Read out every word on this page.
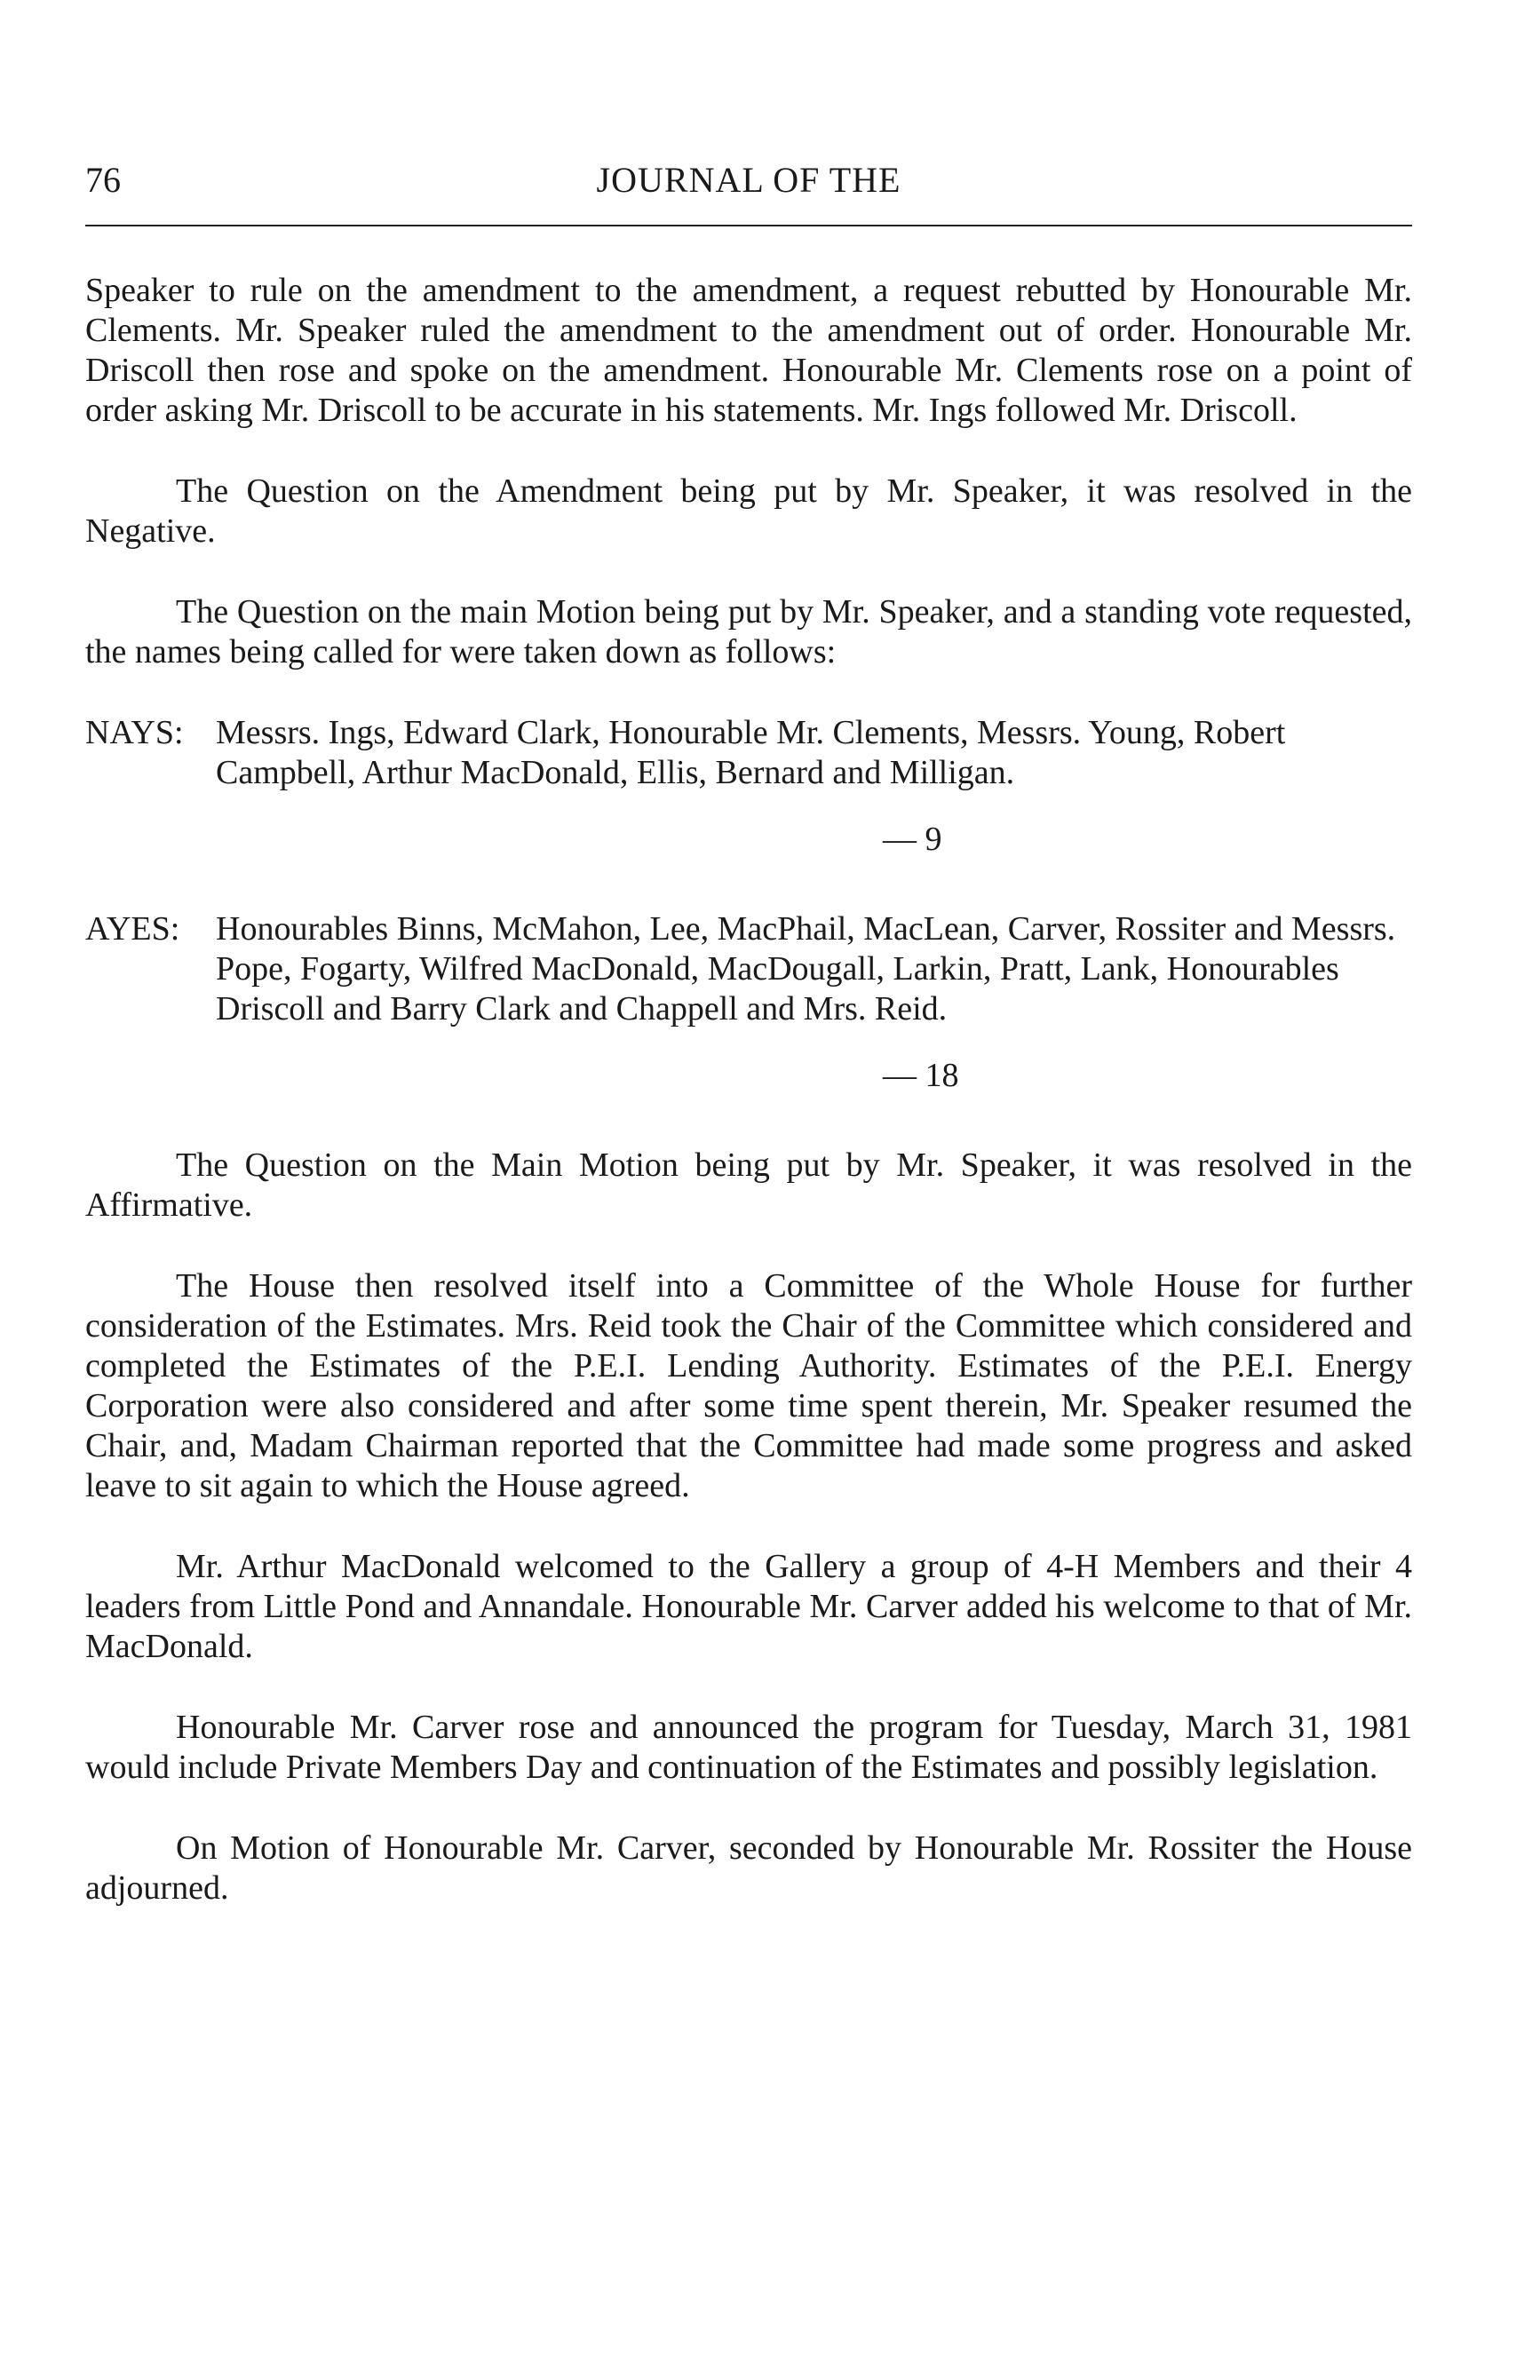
76	JOURNAL OF THE

Speaker to rule on the amendment to the amendment, a request rebutted by Honourable Mr. Clements. Mr. Speaker ruled the amendment to the amendment out of order. Honourable Mr. Driscoll then rose and spoke on the amendment. Honourable Mr. Clements rose on a point of order asking Mr. Driscoll to be accurate in his statements. Mr. Ings followed Mr. Driscoll.

The Question on the Amendment being put by Mr. Speaker, it was resolved in the Negative.

The Question on the main Motion being put by Mr. Speaker, and a standing vote requested, the names being called for were taken down as follows:

NAYS: Messrs. Ings, Edward Clark, Honourable Mr. Clements, Messrs. Young, Robert Campbell, Arthur MacDonald, Ellis, Bernard and Milligan.
— 9
AYES:	Honourables Binns, McMahon, Lee, MacPhail, MacLean, Carver, Rossiter and Messrs. Pope, Fogarty, Wilfred MacDonald, MacDougall, Larkin, Pratt, Lank, Honourables Driscoll and Barry Clark and Chappell and Mrs. Reid.
— 18

The Question on the Main Motion being put by Mr. Speaker, it was resolved in the Affirmative.

The House then resolved itself into a Committee of the Whole House for further consideration of the Estimates. Mrs. Reid took the Chair of the Committee which considered and completed the Estimates of the P.E.I. Lending Authority. Estimates of the P.E.I. Energy Corporation were also considered and after some time spent therein, Mr. Speaker resumed the Chair, and, Madam Chairman reported that the Committee had made some progress and asked leave to sit again to which the House agreed.

Mr. Arthur MacDonald welcomed to the Gallery a group of 4-H Members and their 4 leaders from Little Pond and Annandale. Honourable Mr. Carver added his welcome to that of Mr. MacDonald.

Honourable Mr. Carver rose and announced the program for Tuesday, March 31, 1981 would include Private Members Day and continuation of the Estimates and possibly legislation.

On Motion of Honourable Mr. Carver, seconded by Honourable Mr. Rossiter the House adjourned.
